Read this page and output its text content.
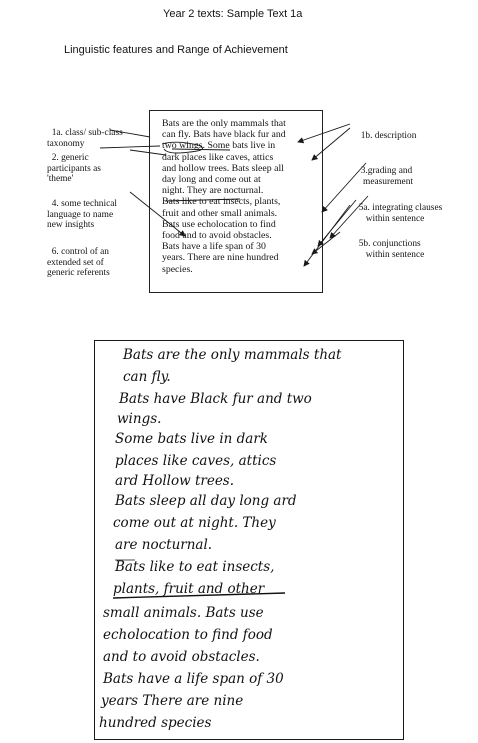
Year 2 texts: Sample Text 1a
Linguistic features and Range of Achievement

1a. class/ sub-class
taxonomy

2. generic
participants as
'theme'

4. some technical
language to name
new insights

6. control of an
extended set of
generic referents

1b. description

3.grading and
measurement

5a. integrating clauses
within sentence

5b. conjunctions
within sentence

Bats are the only mammals that
can fly. Bats have black fur and
two wings. Some bats live in
dark places like caves, attics
and hollow trees. Bats sleep all
day long and come out at
night. They are nocturnal.
Bats like to eat insects, plants,
fruit and other small animals.
Bats use echolocation to find
food and to avoid obstacles.
Bats have a life span of 30
years. There are nine hundred
species.
Bats are the only mammals that
can fly.
Bats have Black fur and two
wings.
Some bats live in dark
places like caves, attics
ard Hollow trees.
Bats sleep all day long ard
come out at night. They
are nocturnal.
Bats like to eat insects,
plants, fruit and other
small animals. Bats use
echolocation to find food
and to avoid obstacles.
Bats have a life span of 30
years There are nine
hundred species
